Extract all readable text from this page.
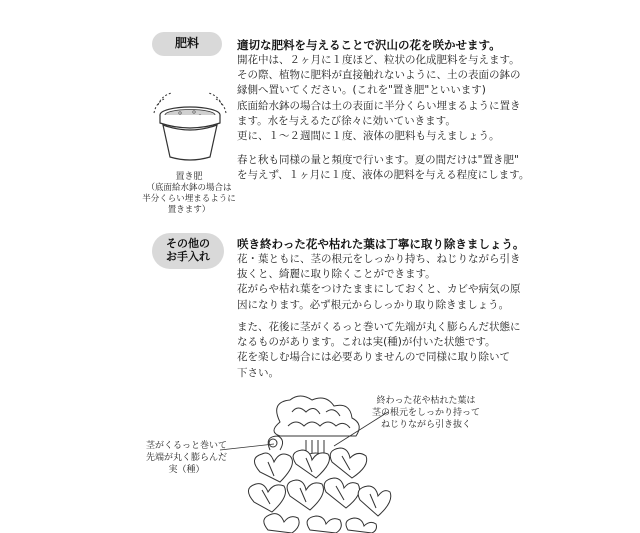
肥料	適切な肥料を与えることで沢山の花を咲かせます。
開花中は、２ヶ月に１度ほど、粒状の化成肥料を与えます。
その際、植物に肥料が直接触れないように、土の表面の鉢の
縁側へ置いてください。(これを"置き肥"といいます)
底面給水鉢の場合は土の表面に半分くらい埋まるように置き
ます。水を与えるたび徐々に効いていきます。
更に、１〜２週間に１度、液体の肥料も与えましょう。
春と秋も同様の量と頻度で行います。夏の間だけは"置き肥"
を与えず、１ヶ月に１度、液体の肥料を与える程度にします。
置き肥
（底面給水鉢の場合は
半分くらい埋まるように
置きます）
その他の
お手入れ
咲き終わった花や枯れた葉は丁寧に取り除きましょう。
花・葉ともに、茎の根元をしっかり持ち、ねじりながら引き
抜くと、綺麗に取り除くことができます。
花がらや枯れ葉をつけたままにしておくと、カビや病気の原
因になります。必ず根元からしっかり取り除きましょう。
また、花後に茎がくるっと巻いて先端が丸く膨らんだ状態に
なるものがあります。これは実(種)が付いた状態です。
花を楽しむ場合には必要ありませんので同様に取り除いて
下さい。
終わった花や枯れた葉は
茎の根元をしっかり持って
ねじりながら引き抜く
茎がくるっと巻いて
先端が丸く膨らんだ
実（種）
